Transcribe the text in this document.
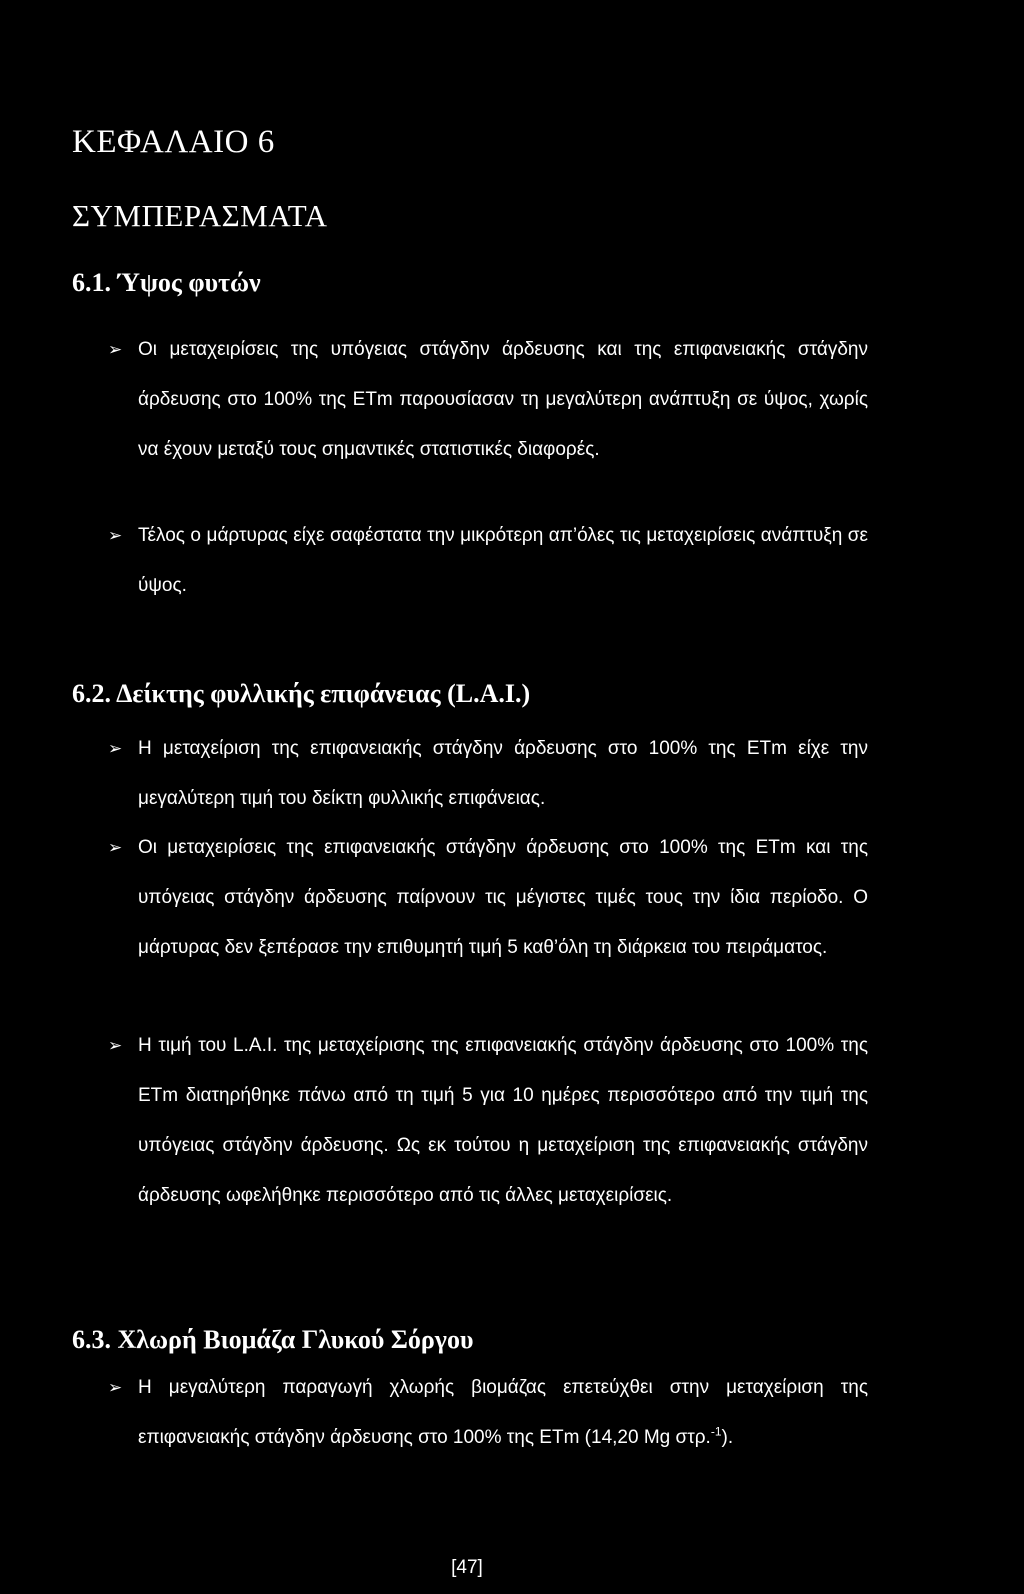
ΚΕΦΑΛΑΙΟ 6
ΣΥΜΠΕΡΑΣΜΑΤΑ
6.1. Ύψος φυτών
➢ Οι μεταχειρίσεις της υπόγειας στάγδην άρδευσης και της επιφανειακής στάγδην άρδευσης στο 100% της ETm παρουσίασαν τη μεγαλύτερη ανάπτυξη σε ύψος, χωρίς να έχουν μεταξύ τους σημαντικές στατιστικές διαφορές.
➢ Τέλος ο μάρτυρας είχε σαφέστατα την μικρότερη απ’όλες τις μεταχειρίσεις ανάπτυξη σε ύψος.
6.2. Δείκτης φυλλικής επιφάνειας (L.A.I.)
➢ Η μεταχείριση της επιφανειακής στάγδην άρδευσης στο 100% της ETm είχε την μεγαλύτερη τιμή του δείκτη φυλλικής επιφάνειας.
➢ Οι μεταχειρίσεις της επιφανειακής στάγδην άρδευσης στο 100% της ETm και της υπόγειας στάγδην άρδευσης παίρνουν τις μέγιστες τιμές τους την ίδια περίοδο. Ο μάρτυρας δεν ξεπέρασε την επιθυμητή τιμή 5 καθ’όλη τη διάρκεια του πειράματος.
➢ Η τιμή του L.A.I. της μεταχείρισης της επιφανειακής στάγδην άρδευσης στο 100% της ETm διατηρήθηκε πάνω από τη τιμή 5 για 10 ημέρες περισσότερο από την τιμή της υπόγειας στάγδην άρδευσης. Ως εκ τούτου η μεταχείριση της επιφανειακής στάγδην άρδευσης ωφελήθηκε περισσότερο από τις άλλες μεταχειρίσεις.
6.3. Χλωρή Βιομάζα Γλυκού Σόργου
➢ Η μεγαλύτερη παραγωγή χλωρής βιομάζας επετεύχθει στην μεταχείριση της επιφανειακής στάγδην άρδευσης στο 100% της ETm (14,20 Mg στρ.$^{-1}$).
[47]
